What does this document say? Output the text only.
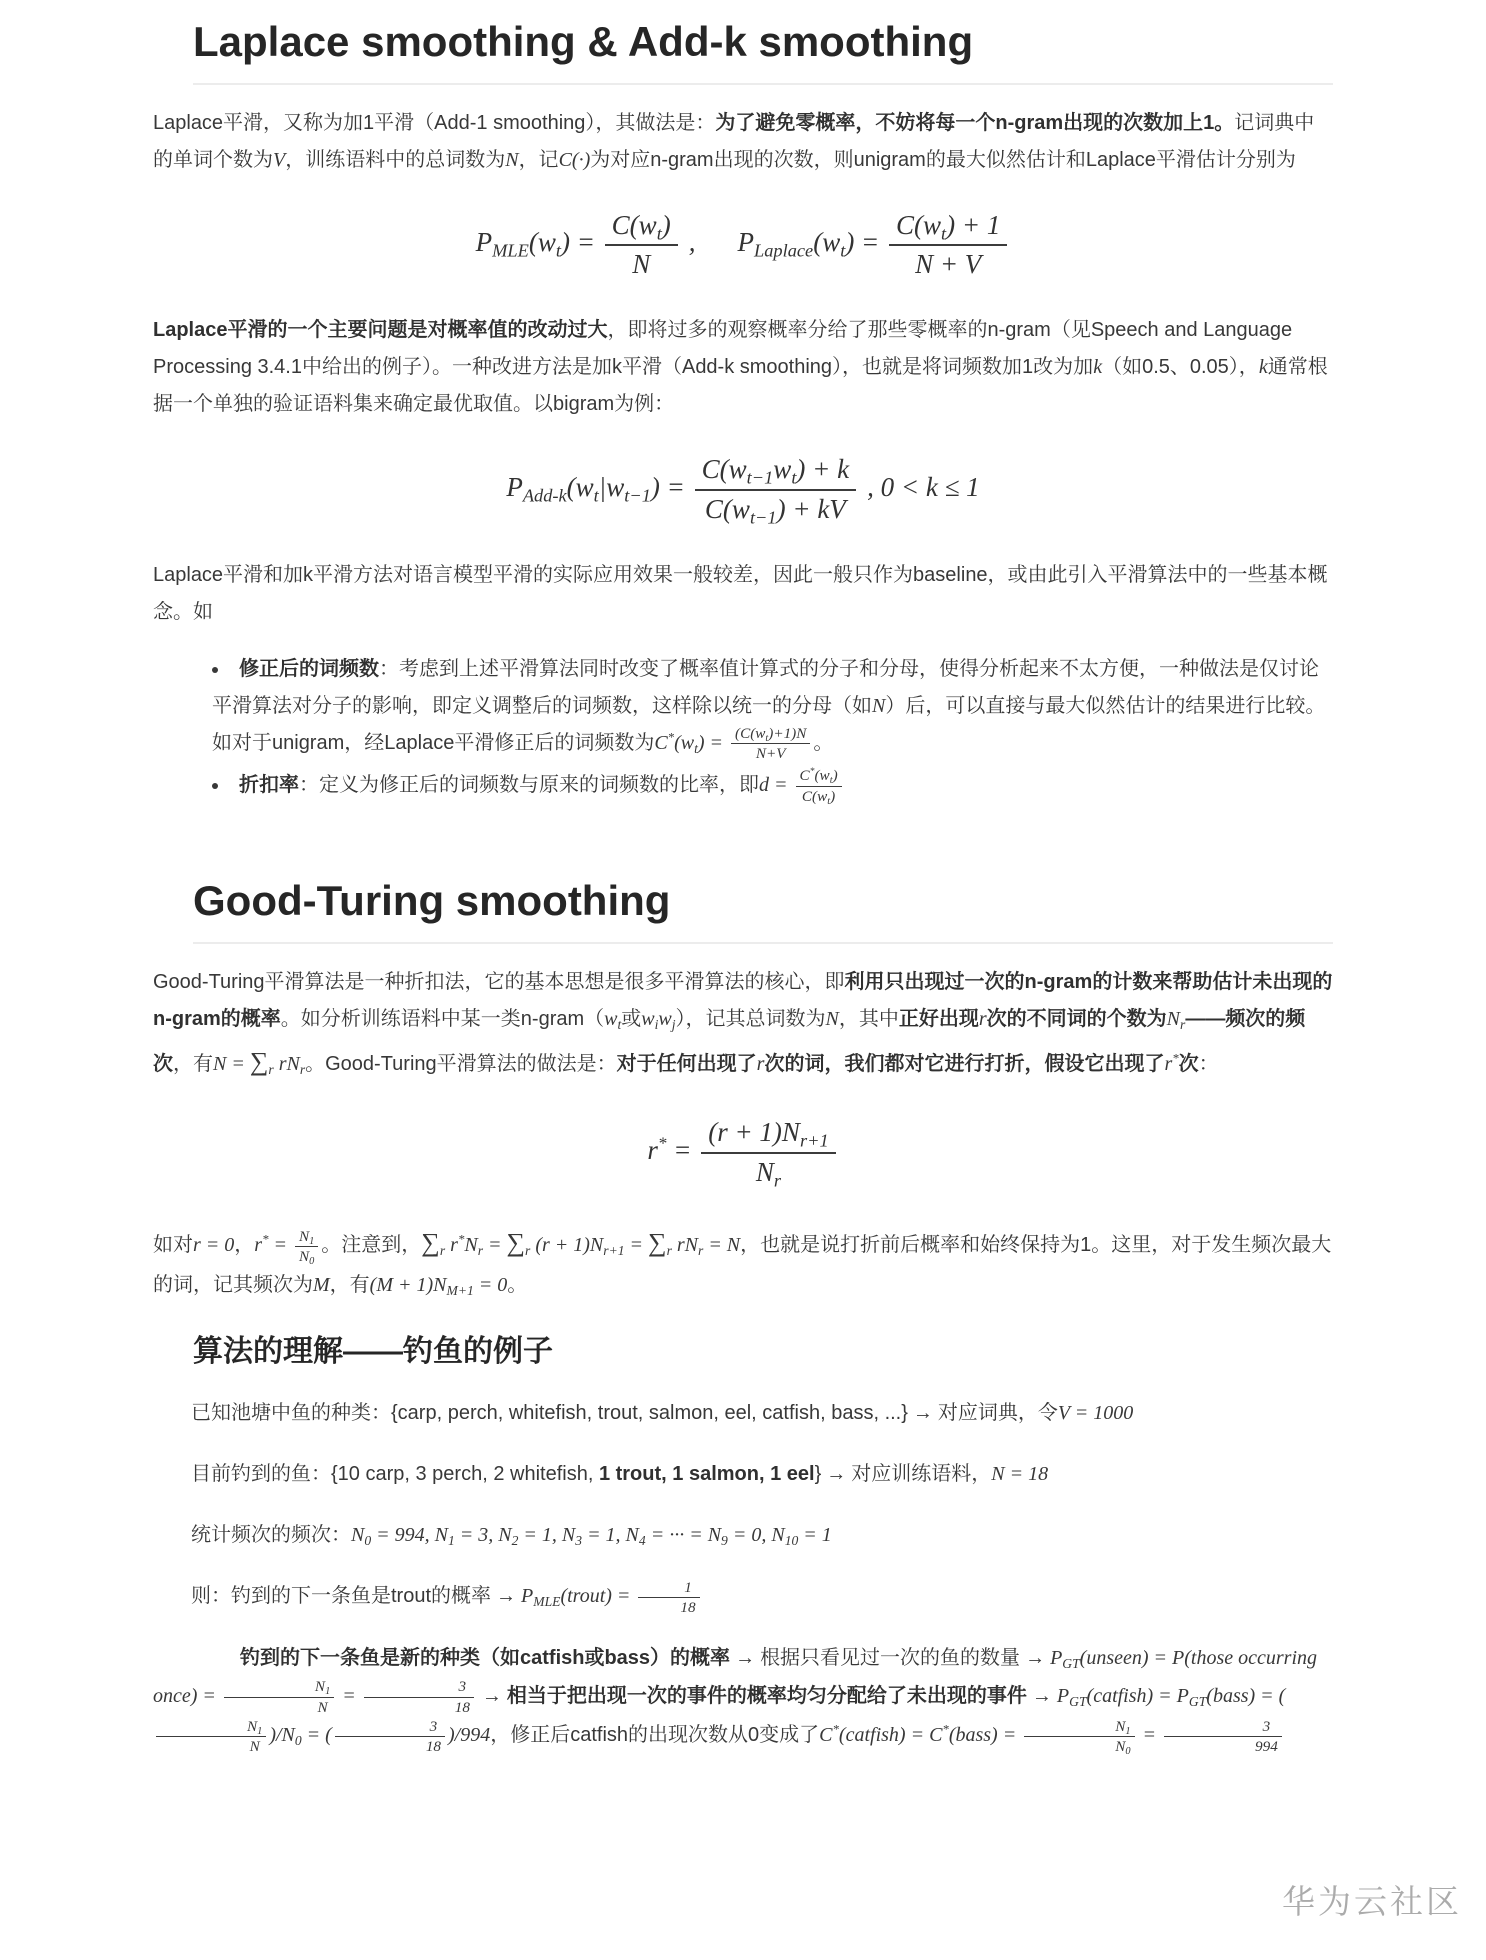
Laplace smoothing & Add-k smoothing

Laplace平滑，又称为加1平滑（Add-1 smoothing），其做法是：为了避免零概率，不妨将每一个n-gram出现的次数加上1。记词典中的单词个数为V，训练语料中的总词数为N，记C(·)为对应n-gram出现的次数，则unigram的最大似然估计和Laplace平滑估计分别为

$P_{MLE}(w_t) = \frac{C(w_t)}{N}$ , $P_{Laplace}(w_t) = \frac{C(w_t) + 1}{N + V}$

Laplace平滑的一个主要问题是对概率值的改动过大，即将过多的观察概率分给了那些零概率的n-gram（见Speech and Language Processing 3.4.1中给出的例子）。一种改进方法是加k平滑（Add-k smoothing），也就是将词频数加1改为加k（如0.5、0.05），k通常根据一个单独的验证语料集来确定最优取值。以bigram为例：

$P_{Add-k}(w_t|w_{t-1}) = \frac{C(w_{t-1}w_t) + k}{C(w_{t-1}) + kV}$ , 0 < k ≤ 1

Laplace平滑和加k平滑方法对语言模型平滑的实际应用效果一般较差，因此一般只作为baseline，或由此引入平滑算法中的一些基本概念。如

• 修正后的词频数：考虑到上述平滑算法同时改变了概率值计算式的分子和分母，使得分析起来不太方便，一种做法是仅讨论平滑算法对分子的影响，即定义调整后的词频数，这样除以统一的分母（如N）后，可以直接与最大似然估计的结果进行比较。如对于unigram，经Laplace平滑修正后的词频数为$C^*(w_t) = \frac{(C(w_t)+1)N}{N+V}$ 。
• 折扣率：定义为修正后的词频数与原来的词频数的比率，即$d = \frac{C^*(w_t)}{C(w_t)}$
Good-Turing smoothing

Good-Turing平滑算法是一种折扣法，它的基本思想是很多平滑算法的核心，即利用只出现过一次的n-gram的计数来帮助估计未出现的n-gram的概率。如分析训练语料中某一类$n-gram(w_t$或$w_iw_j$），记其总词数为N，其中正好出现r次的不同词的个数为$N_r——$频次的频次，有$N = \sum_r$ $rN_r$。Good-Turing平滑算法的做法是：对于任何出现了r次的词，我们都对它进行打折，假设它出现了r*次：

$r^* = \frac{(r + 1)N_{r+1}}{N_r}$

如对r = 0，$r^* = \frac{N_1}{N_0}$ 。注意到，$\sum_r$ $r^*N_r = \sum_r$ $(r + 1)N_{r+1} = \sum_r$ $rN_r = N$，也就是说打折前后概率和始终保持为1。这里，对于发生频次最大的词，记其频次为M，有$(M + 1)N_{M+1} = 0$。

算法的理解——钓鱼的例子

已知池塘中鱼的种类：{carp, perch, whitefish, trout, salmon, eel, catfish, bass, ...} → 对应词典，令V = 1000

目前钓到的鱼：{10 carp, 3 perch, 2 whitefish, 1 trout, 1 salmon, 1 eel} → 对应训练语料，N = 18

统计频次的频次：$N_0 = 994$, $N_1 = 3$, $N_2 = 1$, $N_3 = 1$, $N_4$ = ··· = $N_9 = 0$, $N_{10} = 1$

则：钓到的下一条鱼是trout的概率 → $P_{MLE}(trout) = \frac{1}{18}$

钓到的下一条鱼是新的种类（如catfish或bass）的概率 → 根据只看见过一次的鱼的数量 → $P_{GT}(unseen)$ = P(those occurring once) = $\frac{N_1}{N} = \frac{3}{18}$ → 相当于把出现一次的事件的概率均匀分配给了未出现的事件 → $P_{GT}(catfish)$ = $P_{GT}(bass)$ = (
$\frac{N_1}{N} )/N_0$ = ( $\frac{3}{18} )/994$，修正后catfish的出现次数从0变成了C*(catfish) = C*(bass) = $\frac{N_1}{N_0} = \frac{3}{994}$

华为云社区
